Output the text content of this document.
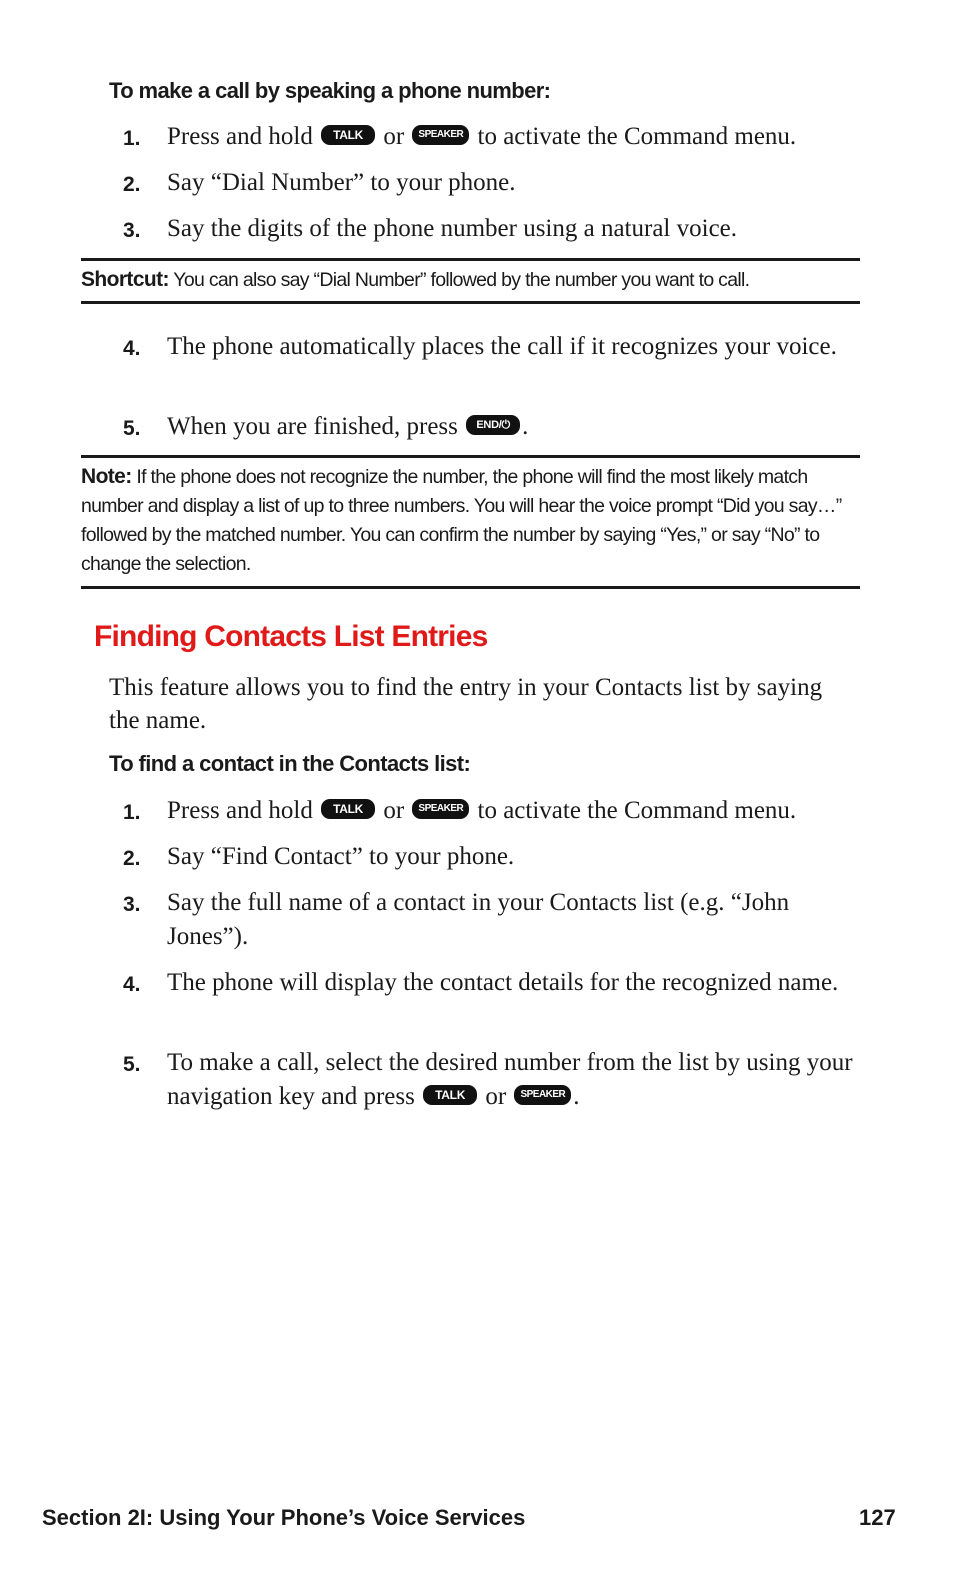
To make a call by speaking a phone number:
1.	Press and hold TALK or SPEAKER to activate the Command menu.
2.	Say “Dial Number” to your phone.
3.	Say the digits of the phone number using a natural voice.
Shortcut: You can also say “Dial Number” followed by the number you want to call.
4.	The phone automatically places the call if it recognizes your voice.
5.	When you are finished, press END/⏻ .
Note: If the phone does not recognize the number, the phone will find the most likely match number and display a list of up to three numbers. You will hear the voice prompt “Did you say…” followed by the matched number. You can confirm the number by saying “Yes,” or say “No” to change the selection.
Finding Contacts List Entries
This feature allows you to find the entry in your Contacts list by saying the name.
To find a contact in the Contacts list:
1.	Press and hold TALK or SPEAKER to activate the Command menu.
2.	Say “Find Contact” to your phone.
3.	Say the full name of a contact in your Contacts list (e.g. “John Jones”).
4.	The phone will display the contact details for the recognized name.
5.	To make a call, select the desired number from the list by using your navigation key and press TALK or SPEAKER .
Section 2I: Using Your Phone’s Voice Services	127
